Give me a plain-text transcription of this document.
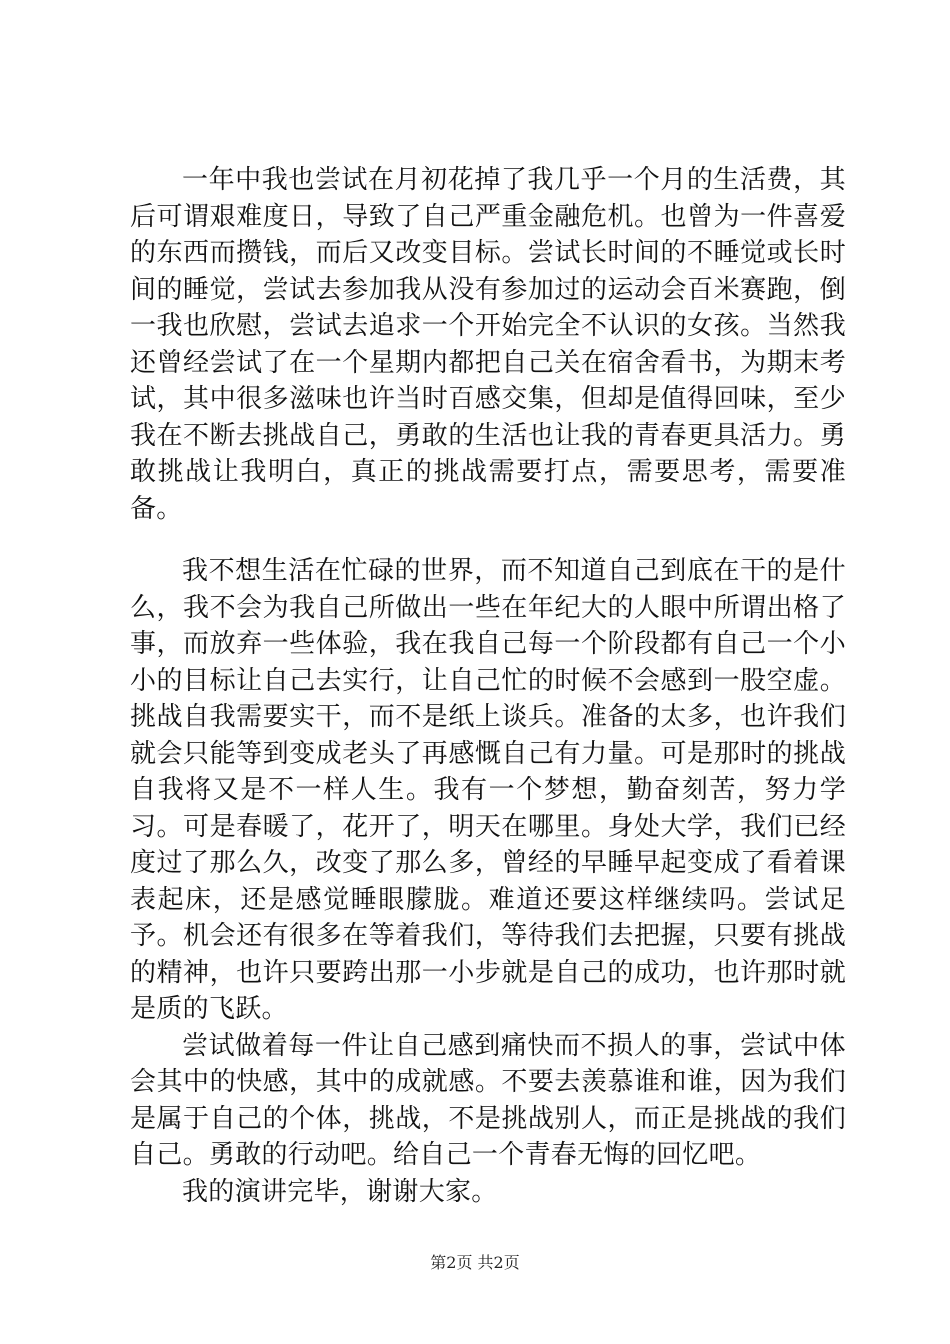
一年中我也尝试在月初花掉了我几乎一个月的生活费，其后可谓艰难度日，导致了自己严重金融危机。也曾为一件喜爱的东西而攒钱，而后又改变目标。尝试长时间的不睡觉或长时间的睡觉，尝试去参加我从没有参加过的运动会百米赛跑，倒一我也欣慰，尝试去追求一个开始完全不认识的女孩。当然我还曾经尝试了在一个星期内都把自己关在宿舍看书，为期末考试，其中很多滋味也许当时百感交集，但却是值得回味，至少我在不断去挑战自己，勇敢的生活也让我的青春更具活力。勇敢挑战让我明白，真正的挑战需要打点，需要思考，需要准备。

我不想生活在忙碌的世界，而不知道自己到底在干的是什么，我不会为我自己所做出一些在年纪大的人眼中所谓出格了事，而放弃一些体验，我在我自己每一个阶段都有自己一个小小的目标让自己去实行，让自己忙的时候不会感到一股空虚。挑战自我需要实干，而不是纸上谈兵。准备的太多，也许我们就会只能等到变成老头了再感慨自己有力量。可是那时的挑战自我将又是不一样人生。我有一个梦想，勤奋刻苦，努力学习。可是春暖了，花开了，明天在哪里。身处大学，我们已经度过了那么久，改变了那么多，曾经的早睡早起变成了看着课表起床，还是感觉睡眼朦胧。难道还要这样继续吗。尝试足予。机会还有很多在等着我们，等待我们去把握，只要有挑战的精神，也许只要跨出那一小步就是自己的成功，也许那时就是质的飞跃。

尝试做着每一件让自己感到痛快而不损人的事，尝试中体会其中的快感，其中的成就感。不要去羡慕谁和谁，因为我们是属于自己的个体，挑战，不是挑战别人，而正是挑战的我们自己。勇敢的行动吧。给自己一个青春无悔的回忆吧。

我的演讲完毕，谢谢大家。

第2页 共2页
